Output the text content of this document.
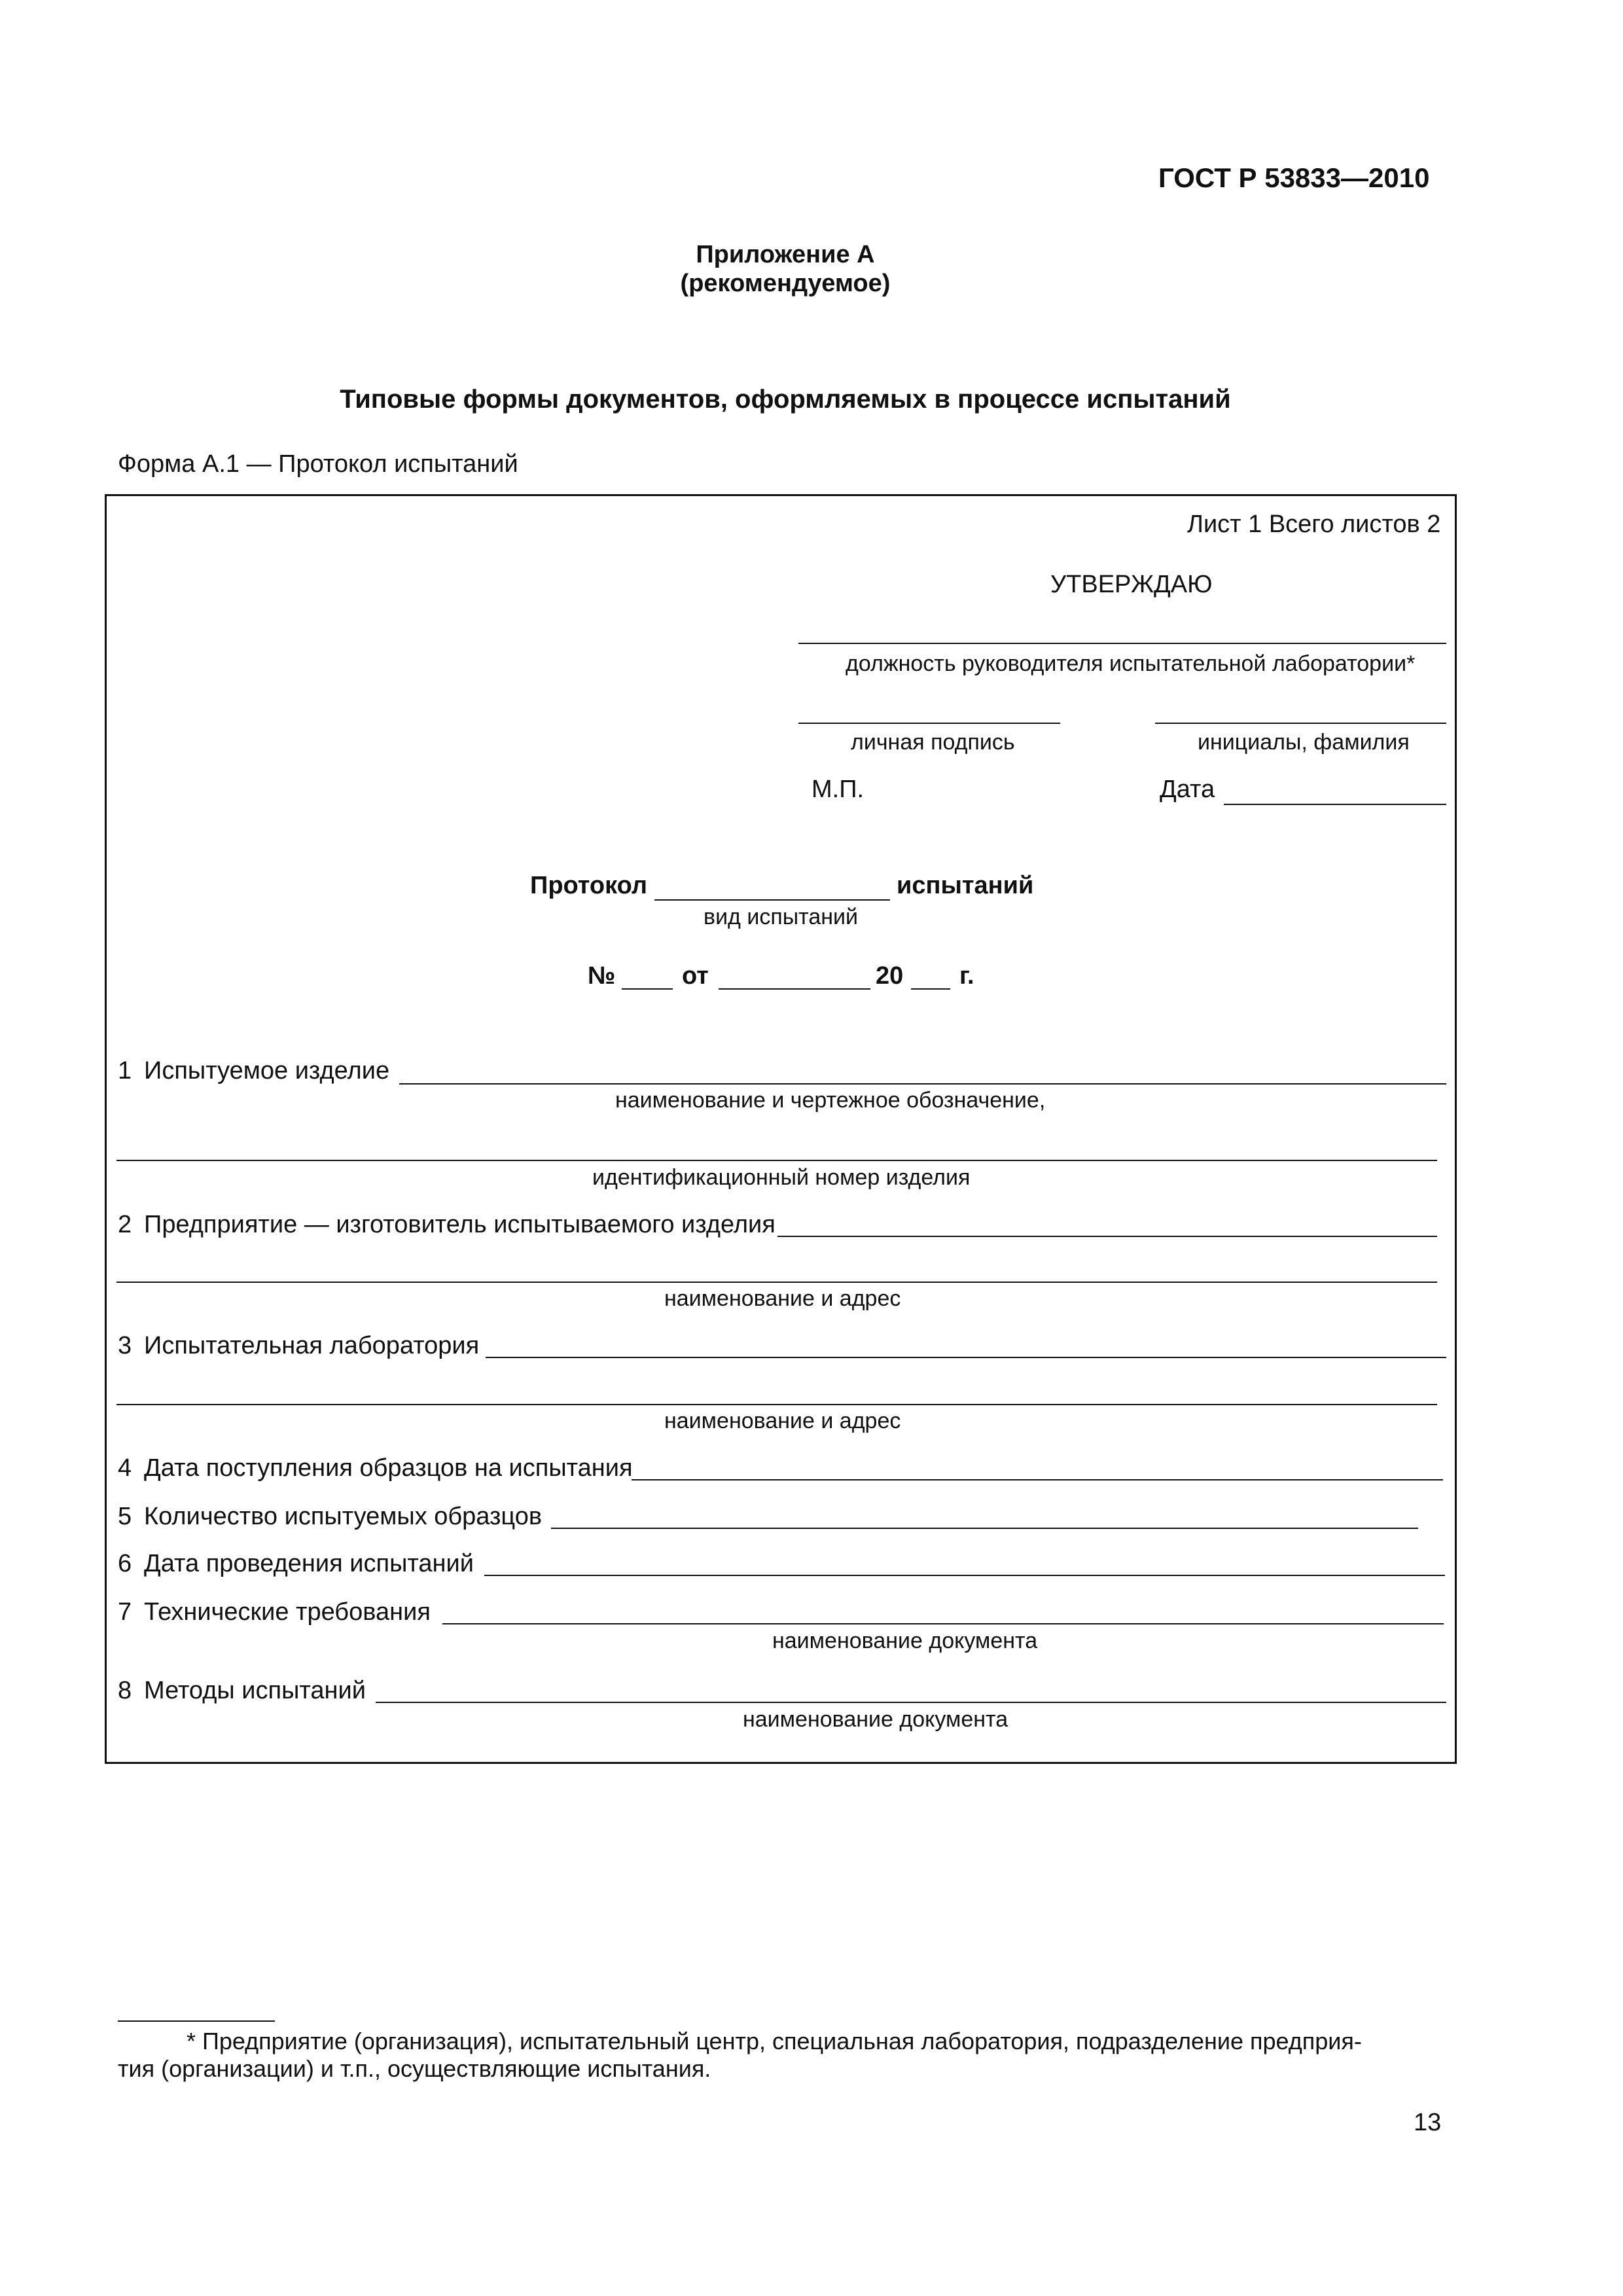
ГОСТ Р 53833—2010
Приложение А
(рекомендуемое)
Типовые формы документов, оформляемых в процессе испытаний
Форма А.1 — Протокол испытаний
Лист 1 Всего листов 2
УТВЕРЖДАЮ
должность руководителя испытательной лаборатории*
личная подпись	инициалы, фамилия
М.П.	Дата
Протокол	испытаний
вид испытаний
№	от	20 г.
1 Испытуемое изделие
наименование и чертежное обозначение,
идентификационный номер изделия
2 Предприятие — изготовитель испытываемого изделия
наименование и адрес
3 Испытательная лаборатория
наименование и адрес
4 Дата поступления образцов на испытания
5 Количество испытуемых образцов
6 Дата проведения испытаний
7 Технические требования
наименование документа
8 Методы испытаний
наименование документа
* Предприятие (организация), испытательный центр, специальная лаборатория, подразделение предприя-
тия (организации) и т.п., осуществляющие испытания.
13
